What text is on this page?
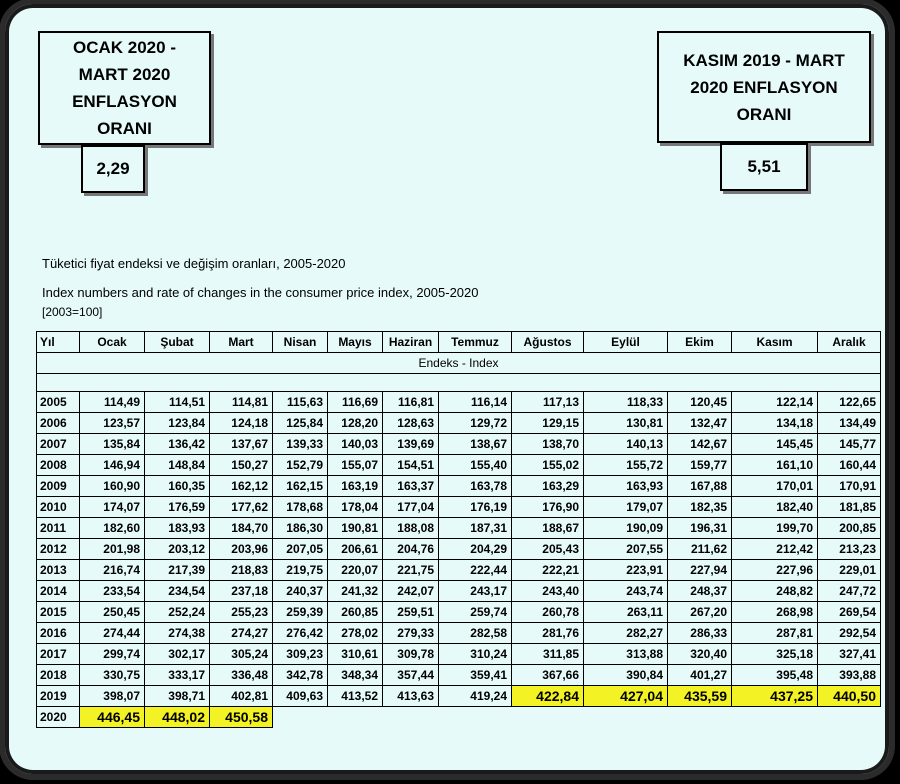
OCAK 2020 -
MART 2020
ENFLASYON
ORANI
2,29
KASIM 2019 - MART
2020 ENFLASYON
ORANI
5,51
Tüketici fiyat endeksi ve değişim oranları, 2005-2020
Index numbers and rate of changes in the consumer price index, 2005-2020
[2003=100]
Yıl	Ocak	Şubat	Mart	Nisan	Mayıs	Haziran	Temmuz	Ağustos	Eylül	Ekim	Kasım	Aralık
Endeks - Index												

2005	114,49	114,51	114,81	115,63	116,69	116,81	116,14	117,13	118,33	120,45	122,14	122,65
2006	123,57	123,84	124,18	125,84	128,20	128,63	129,72	129,15	130,81	132,47	134,18	134,49
2007	135,84	136,42	137,67	139,33	140,03	139,69	138,67	138,70	140,13	142,67	145,45	145,77
2008	146,94	148,84	150,27	152,79	155,07	154,51	155,40	155,02	155,72	159,77	161,10	160,44
2009	160,90	160,35	162,12	162,15	163,19	163,37	163,78	163,29	163,93	167,88	170,01	170,91
2010	174,07	176,59	177,62	178,68	178,04	177,04	176,19	176,90	179,07	182,35	182,40	181,85
2011	182,60	183,93	184,70	186,30	190,81	188,08	187,31	188,67	190,09	196,31	199,70	200,85
2012	201,98	203,12	203,96	207,05	206,61	204,76	204,29	205,43	207,55	211,62	212,42	213,23
2013	216,74	217,39	218,83	219,75	220,07	221,75	222,44	222,21	223,91	227,94	227,96	229,01
2014	233,54	234,54	237,18	240,37	241,32	242,07	243,17	243,40	243,74	248,37	248,82	247,72
2015	250,45	252,24	255,23	259,39	260,85	259,51	259,74	260,78	263,11	267,20	268,98	269,54
2016	274,44	274,38	274,27	276,42	278,02	279,33	282,58	281,76	282,27	286,33	287,81	292,54
2017	299,74	302,17	305,24	309,23	310,61	309,78	310,24	311,85	313,88	320,40	325,18	327,41
2018	330,75	333,17	336,48	342,78	348,34	357,44	359,41	367,66	390,84	401,27	395,48	393,88
2019	398,07	398,71	402,81	409,63	413,52	413,63	419,24	422,84	427,04	435,59	437,25	440,50
2020	446,45	448,02	450,58									
